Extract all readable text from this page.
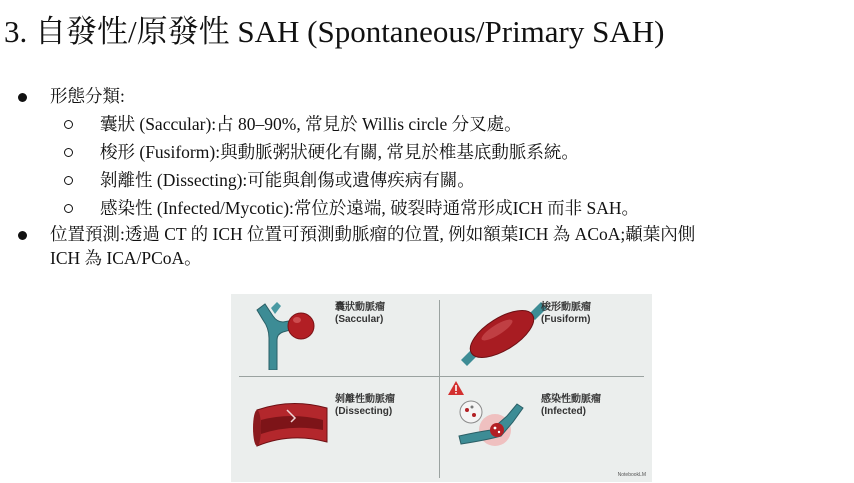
3. 自發性/原發性 SAH (Spontaneous/Primary SAH)
形態分類:
囊狀 (Saccular):占 80–90%, 常見於 Willis circle 分叉處。
梭形 (Fusiform):與動脈粥狀硬化有關, 常見於椎基底動脈系統。
剝離性 (Dissecting):可能與創傷或遺傳疾病有關。
感染性 (Infected/Mycotic):常位於遠端, 破裂時通常形成ICH 而非 SAH。
位置預測:透過 CT 的 ICH 位置可預測動脈瘤的位置, 例如額葉ICH 為 ACoA;顳葉內側
ICH 為 ICA/PCoA。
囊狀動脈瘤
(Saccular)
梭形動脈瘤
(Fusiform)
剝離性動脈瘤
(Dissecting)
感染性動脈瘤
(Infected)
NotebookLM
